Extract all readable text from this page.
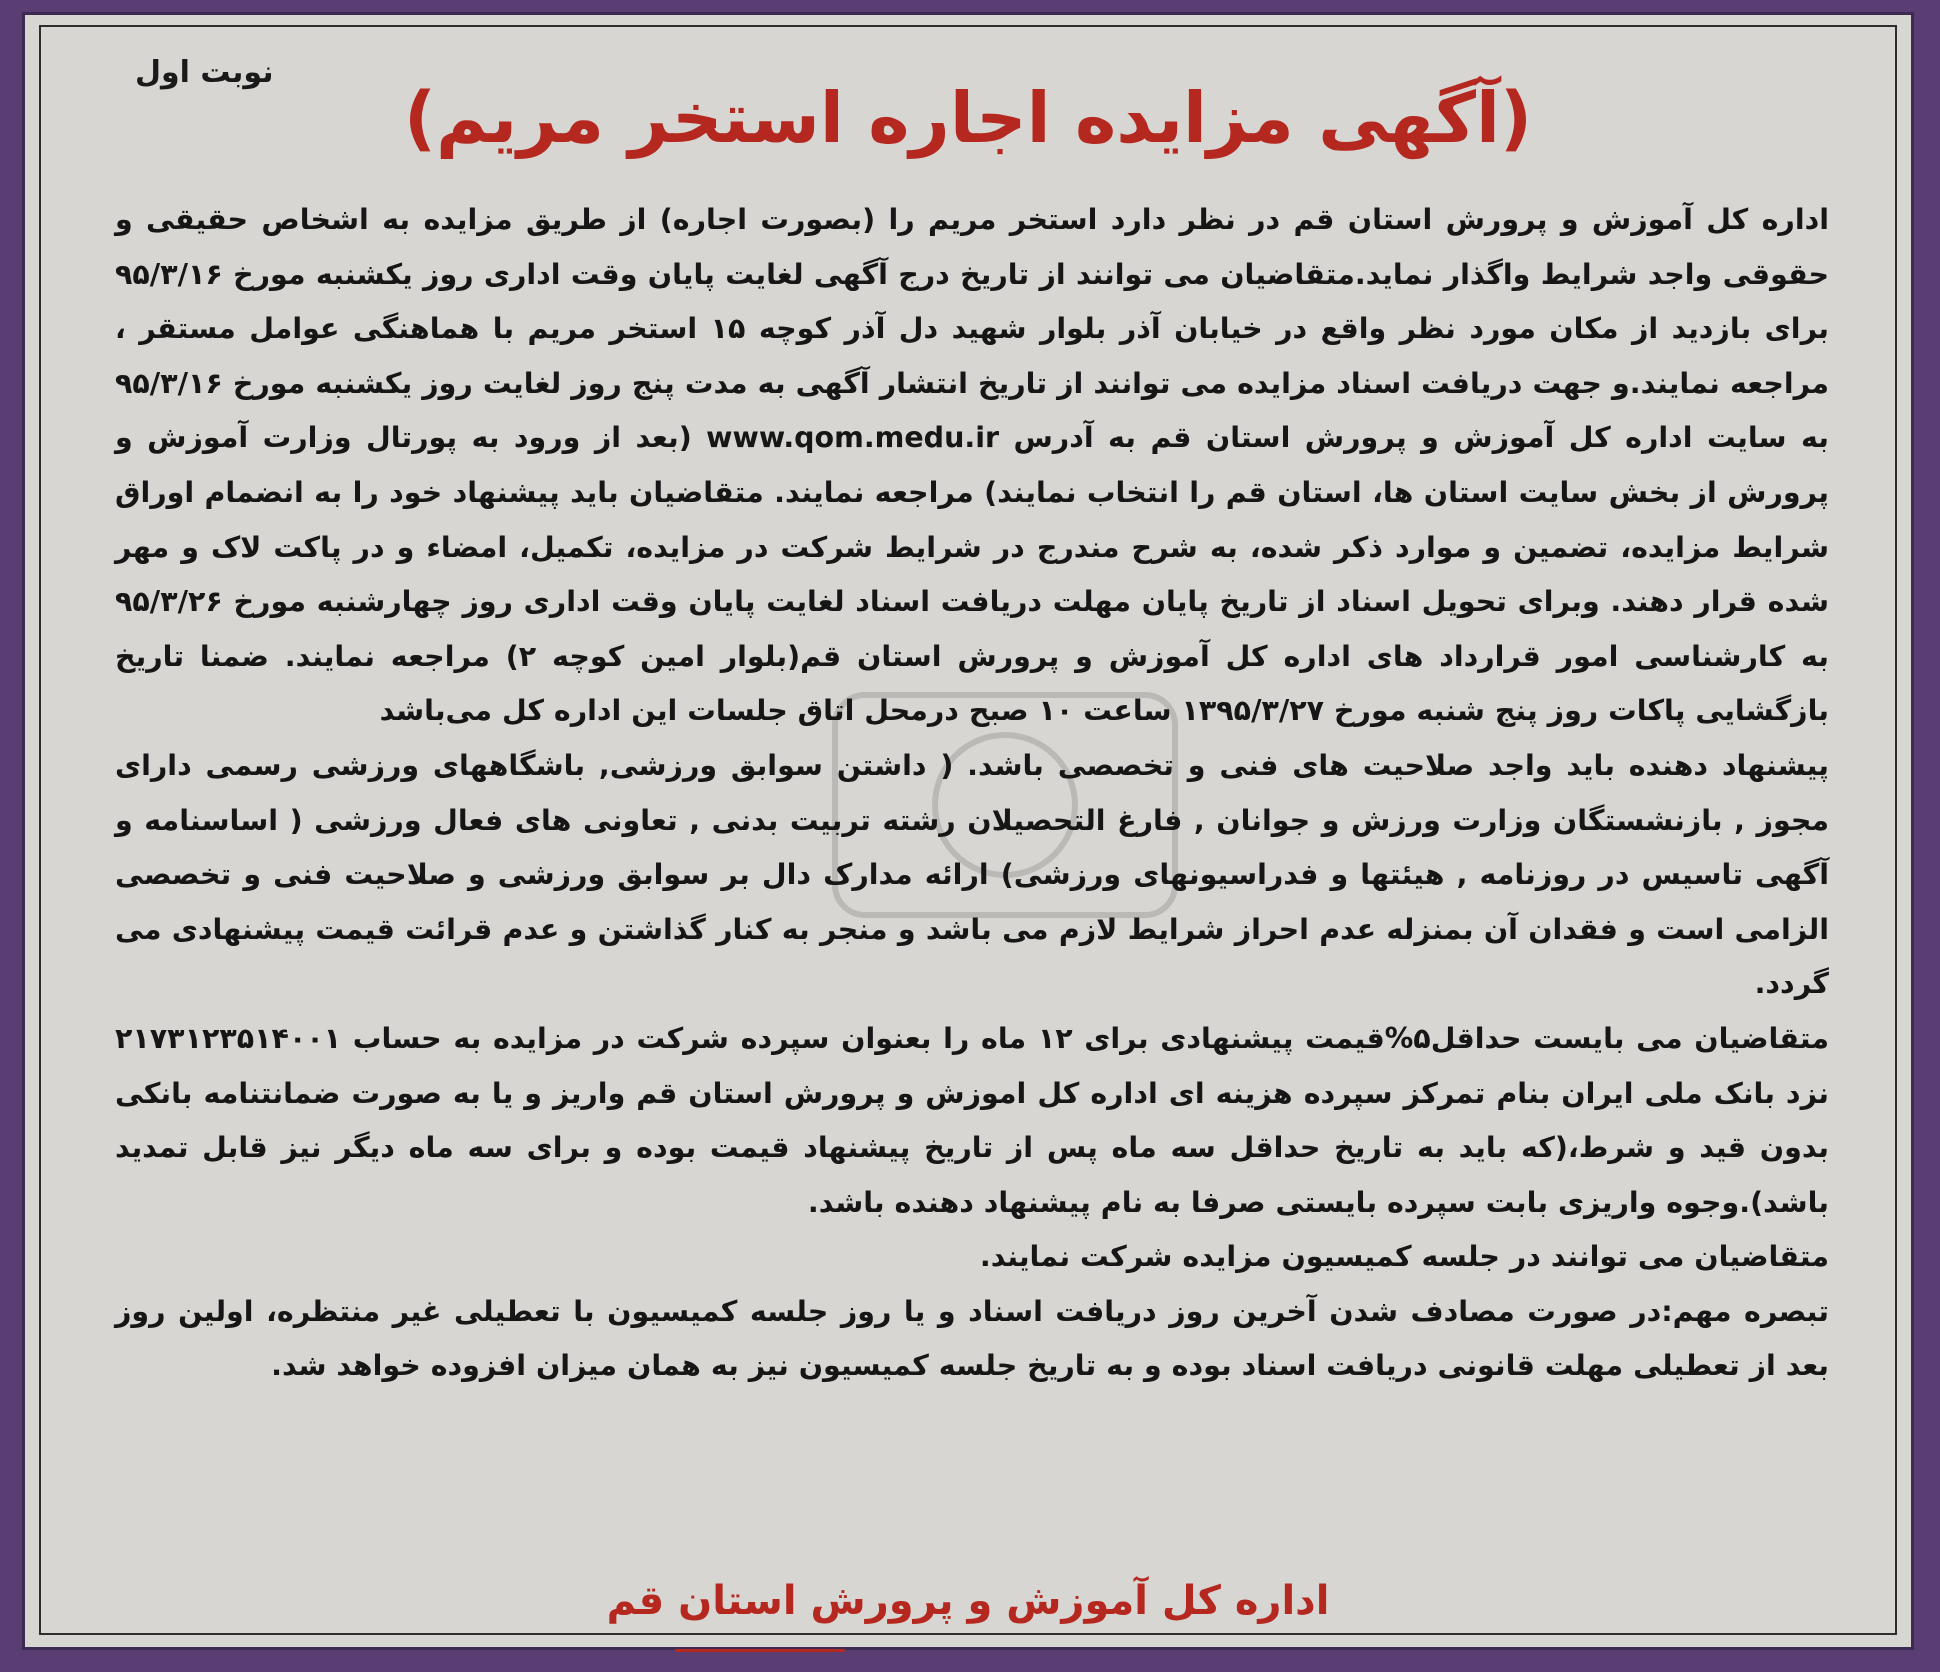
نوبت اول
(آگهی مزایده اجاره استخر مریم)

اداره کل آموزش و پرورش استان قم در نظر دارد استخر مریم را (بصورت اجاره) از طریق مزایده به اشخاص حقیقی و حقوقی واجد شرایط واگذار نماید.متقاضیان می توانند از تاریخ درج آگهی لغایت پایان وقت اداری روز یکشنبه مورخ ۹۵/۳/۱۶ برای بازدید از مکان مورد نظر واقع در خیابان آذر بلوار شهید دل آذر کوچه ۱۵ استخر مریم با هماهنگی عوامل مستقر ، مراجعه نمایند.و جهت دریافت اسناد مزایده می توانند از تاریخ انتشار آگهی به مدت پنج روز لغایت روز یکشنبه مورخ ۹۵/۳/۱۶ به سایت اداره کل آموزش و پرورش استان قم به آدرس www.qom.medu.ir (بعد از ورود به پورتال وزارت آموزش و پرورش از بخش سایت استان ها، استان قم را انتخاب نمایند) مراجعه نمایند. متقاضیان باید پیشنهاد خود را به انضمام اوراق شرایط مزایده، تضمین و موارد ذکر شده، به شرح مندرج در شرایط شرکت در مزایده، تکمیل، امضاء و در پاکت لاک و مهر شده قرار دهند. وبرای تحویل اسناد از تاریخ پایان مهلت دریافت اسناد لغایت پایان وقت اداری روز چهارشنبه مورخ ۹۵/۳/۲۶ به کارشناسی امور قرارداد های اداره کل آموزش و پرورش استان قم(بلوار امین کوچه ۲) مراجعه نمایند. ضمنا تاریخ بازگشایی پاکات روز پنج شنبه مورخ ۱۳۹۵/۳/۲۷ ساعت ۱۰ صبح درمحل اتاق جلسات این اداره کل می‌باشد

پیشنهاد دهنده باید واجد صلاحیت های فنی و تخصصی باشد. ( داشتن سوابق ورزشی, باشگاههای ورزشی رسمی دارای مجوز , بازنشستگان وزارت ورزش و جوانان , فارغ التحصیلان رشته تربیت بدنی , تعاونی های فعال ورزشی ( اساسنامه و آگهی تاسیس در روزنامه , هیئتها و فدراسیونهای ورزشی) ارائه مدارک دال بر سوابق ورزشی و صلاحیت فنی و تخصصی الزامی است و فقدان آن بمنزله عدم احراز شرایط لازم می باشد و منجر به کنار گذاشتن و عدم قرائت قیمت پیشنهادی می گردد.

متقاضیان می بایست حداقل۵%قیمت پیشنهادی برای ۱۲ ماه را بعنوان سپرده شرکت در مزایده به حساب ۲۱۷۳۱۲۳۵۱۴۰۰۱ نزد بانک ملی ایران بنام تمرکز سپرده هزینه ای اداره کل اموزش و پرورش استان قم واریز و یا به صورت ضمانتنامه بانکی بدون قید و شرط،(که باید به تاریخ حداقل سه ماه پس از تاریخ پیشنهاد قیمت بوده و برای سه ماه دیگر نیز قابل تمدید باشد).وجوه واریزی بابت سپرده بایستی صرفا به نام پیشنهاد دهنده باشد.

متقاضیان می توانند در جلسه کمیسیون مزایده شرکت نمایند.

تبصره مهم:در صورت مصادف شدن آخرین روز دریافت اسناد و یا روز جلسه کمیسیون با تعطیلی غیر منتظره، اولین روز بعد از تعطیلی مهلت قانونی دریافت اسناد بوده و به تاریخ جلسه کمیسیون نیز به همان میزان افزوده خواهد شد.

اداره کل آموزش و پرورش استان قم
